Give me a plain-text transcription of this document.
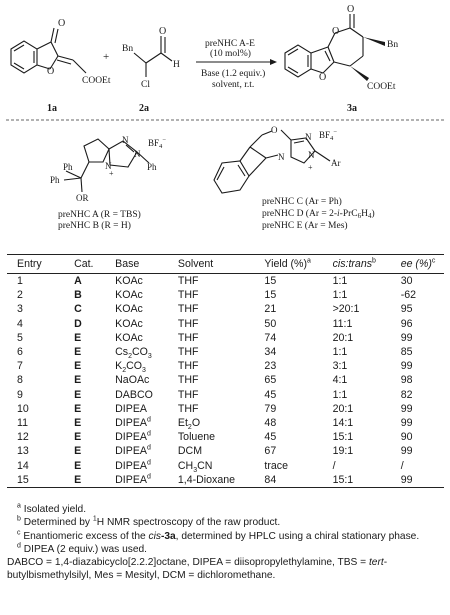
O
O
COOEt
1a
+
Bn
O
H
Cl
2a
preNHC A-E
(10 mol%)
Base (1.2 equiv.)
solvent, r.t.
O
O
O
Bn
COOEt
3a
N
N
N
+
$BF_4^-$
Ph
Ph
Ph
OR
preNHC A (R = TBS)
preNHC B (R = H)
O
N
N	N
+
$BF_4^-$
Ar
preNHC C (Ar = Ph)
preNHC D $(Ar = 2-i-PrC_6H_4)$
preNHC E (Ar = Mes)
Entry	Cat.	Base	Solvent	Yield (%)$^a$	cis:trans$^b$	ee (%)$^c$
1	A	KOAc	THF	15	1:1	30
2	B	KOAc	THF	15	1:1	-62
3	C	KOAc	THF	21	>20:1	95
4	D	KOAc	THF	50	11:1	96
5	E	KOAc	THF	74	20:1	99
6	E	$Cs_2CO_3$	THF	34	1:1	85
7	E	$K_2CO_3$	THF	23	3:1	99
8	E	NaOAc	THF	65	4:1	98
9	E	DABCO	THF	45	1:1	82
10	E	DIPEA	THF	79	20:1	99
11	E	DIPEA$^d$	$Et_2O$	48	14:1	99
12	E	DIPEA$^d$	Toluene	45	15:1	90
13	E	DIPEA$^d$	DCM	67	19:1	99
14	E	DIPEA$^d$	$CH_3CN$	trace	/	/
15	E	DIPEA$^d$	1,4-Dioxane	84	15:1	99

$^a$ Isolated yield.

$^b$ Determined by $^1$H NMR spectroscopy of the raw product.

$^c$ Enantiomeric excess of the cis-3a, determined by HPLC using a chiral stationary phase.

$^d$ DIPEA (2 equiv.) was used.

DABCO = 1,4-diazabicyclo[2.2.2]octane, DIPEA = diisopropylethylamine, TBS = tert-butylbismethylsilyl, Mes = Mesityl, DCM = dichloromethane.
